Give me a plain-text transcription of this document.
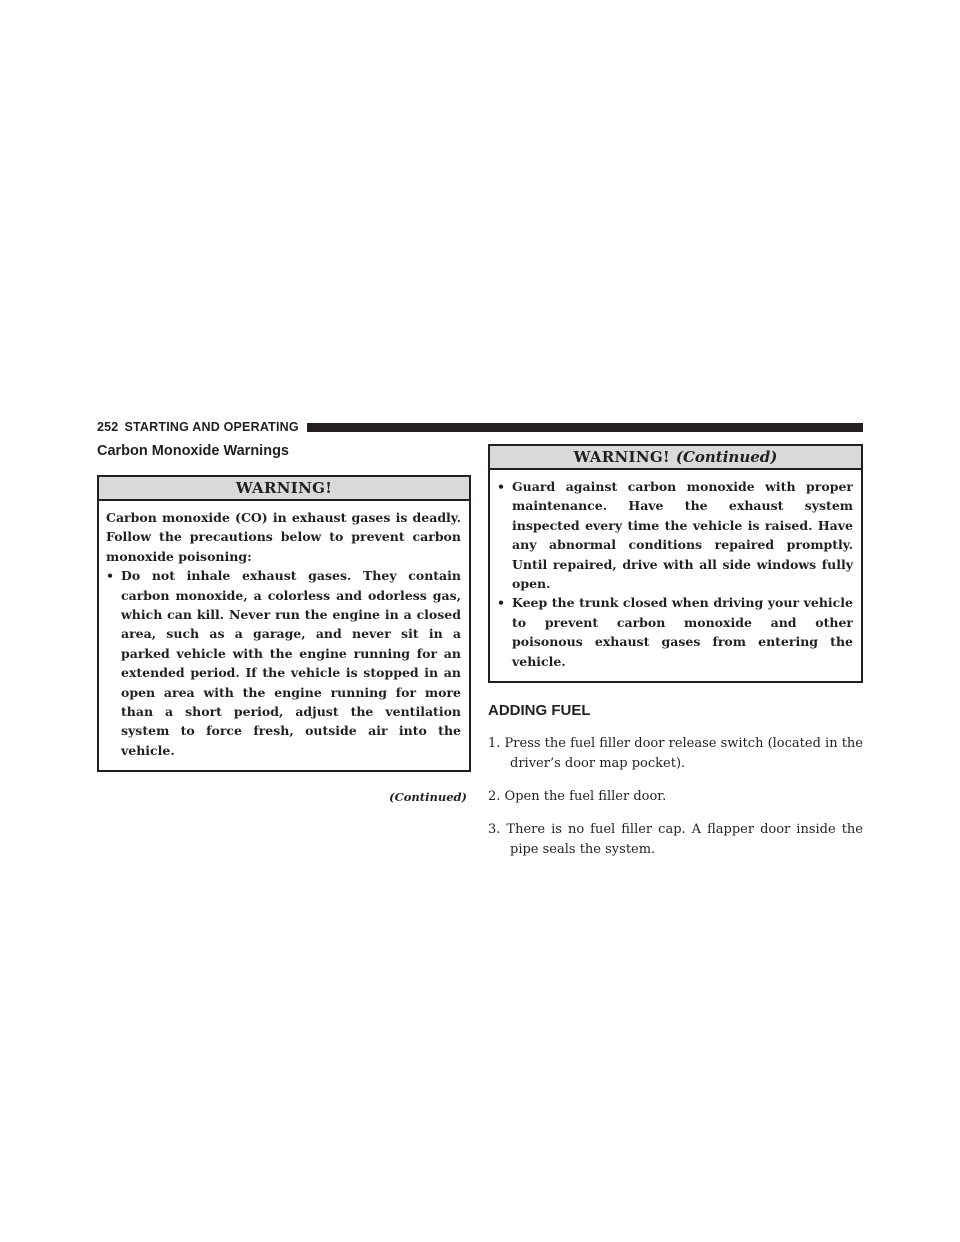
252 STARTING AND OPERATING
Carbon Monoxide Warnings
WARNING!

Carbon monoxide (CO) in exhaust gases is deadly. Follow the precautions below to prevent carbon monoxide poisoning:

• Do not inhale exhaust gases. They contain carbon monoxide, a colorless and odorless gas, which can kill. Never run the engine in a closed area, such as a garage, and never sit in a parked vehicle with the engine running for an extended period. If the vehicle is stopped in an open area with the engine running for more than a short period, adjust the ventilation system to force fresh, outside air into the vehicle.

(Continued)
WARNING! (Continued)

• Guard against carbon monoxide with proper maintenance. Have the exhaust system inspected every time the vehicle is raised. Have any abnormal conditions repaired promptly. Until repaired, drive with all side windows fully open.

• Keep the trunk closed when driving your vehicle to prevent carbon monoxide and other poisonous exhaust gases from entering the vehicle.

ADDING FUEL

1. Press the fuel filler door release switch (located in the driver’s door map pocket).

2. Open the fuel filler door.

3. There is no fuel filler cap. A flapper door inside the pipe seals the system.
